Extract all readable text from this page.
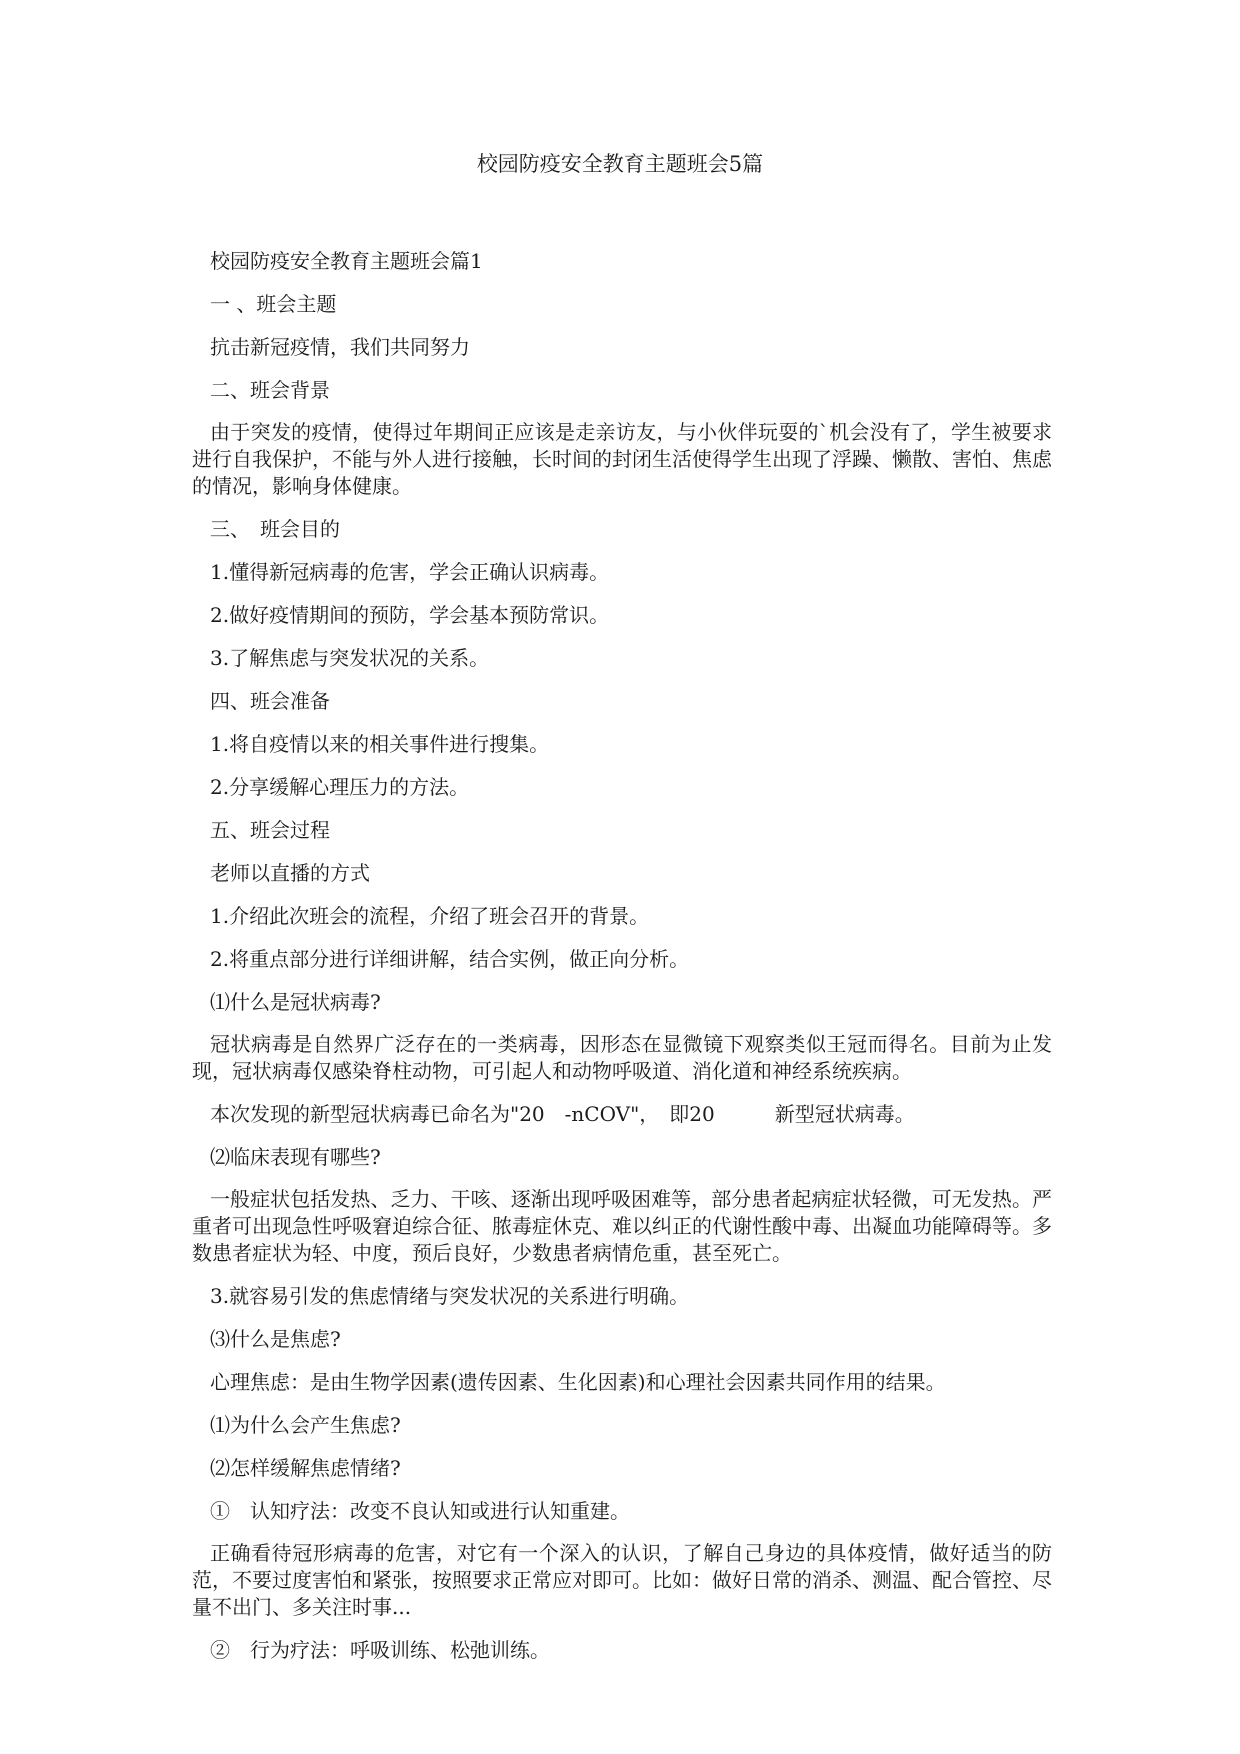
校园防疫安全教育主题班会5篇

校园防疫安全教育主题班会篇1

一 、班会主题

抗击新冠疫情，我们共同努力

二、班会背景

由于突发的疫情，使得过年期间正应该是走亲访友，与小伙伴玩耍的`机会没有了，学生被要求进行自我保护，不能与外人进行接触，长时间的封闭生活使得学生出现了浮躁、懒散、害怕、焦虑的情况，影响身体健康。

三、　班会目的

1.懂得新冠病毒的危害，学会正确认识病毒。

2.做好疫情期间的预防，学会基本预防常识。

3.了解焦虑与突发状况的关系。

四、班会准备

1.将自疫情以来的相关事件进行搜集。

2.分享缓解心理压力的方法。

五、班会过程

老师以直播的方式

1.介绍此次班会的流程，介绍了班会召开的背景。

2.将重点部分进行详细讲解，结合实例，做正向分析。

⑴什么是冠状病毒?

冠状病毒是自然界广泛存在的一类病毒，因形态在显微镜下观察类似王冠而得名。目前为止发现，冠状病毒仅感染脊柱动物，可引起人和动物呼吸道、消化道和神经系统疾病。

本次发现的新型冠状病毒已命名为"20　-nCOV"，　即20　　　新型冠状病毒。

⑵临床表现有哪些?

一般症状包括发热、乏力、干咳、逐渐出现呼吸困难等，部分患者起病症状轻微，可无发热。严重者可出现急性呼吸窘迫综合征、脓毒症休克、难以纠正的代谢性酸中毒、出凝血功能障碍等。多数患者症状为轻、中度，预后良好，少数患者病情危重，甚至死亡。

3.就容易引发的焦虑情绪与突发状况的关系进行明确。

⑶什么是焦虑?

心理焦虑：是由生物学因素(遗传因素、生化因素)和心理社会因素共同作用的结果。

⑴为什么会产生焦虑?

⑵怎样缓解焦虑情绪?

①　认知疗法：改变不良认知或进行认知重建。

正确看待冠形病毒的危害，对它有一个深入的认识，了解自己身边的具体疫情，做好适当的防范，不要过度害怕和紧张，按照要求正常应对即可。比如：做好日常的消杀、测温、配合管控、尽量不出门、多关注时事...

②　行为疗法：呼吸训练、松弛训练。
